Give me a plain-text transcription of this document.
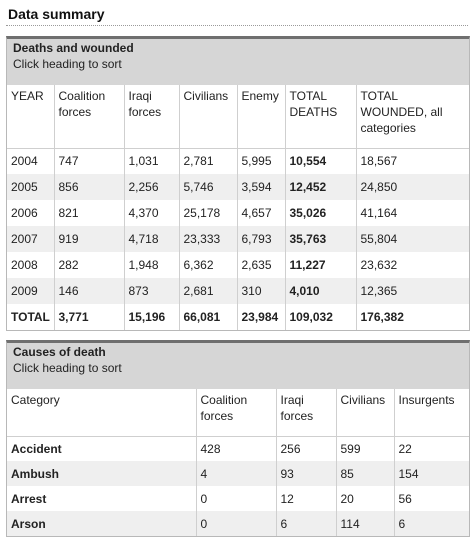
Data summary
Deaths and wounded
Click heading to sort
YEAR	Coalition forces	Iraqi forces	Civilians	Enemy	TOTAL DEATHS	TOTAL WOUNDED, all categories
2004	747	1,031	2,781	5,995	10,554	18,567
2005	856	2,256	5,746	3,594	12,452	24,850
2006	821	4,370	25,178	4,657	35,026	41,164
2007	919	4,718	23,333	6,793	35,763	55,804
2008	282	1,948	6,362	2,635	11,227	23,632
2009	146	873	2,681	310	4,010	12,365
TOTAL	3,771	15,196	66,081	23,984	109,032	176,382
Causes of death
Click heading to sort
Category	Coalition forces	Iraqi forces	Civilians	Insurgents
Accident	428	256	599	22
Ambush	4	93	85	154
Arrest	0	12	20	56
Arson	0	6	114	6
